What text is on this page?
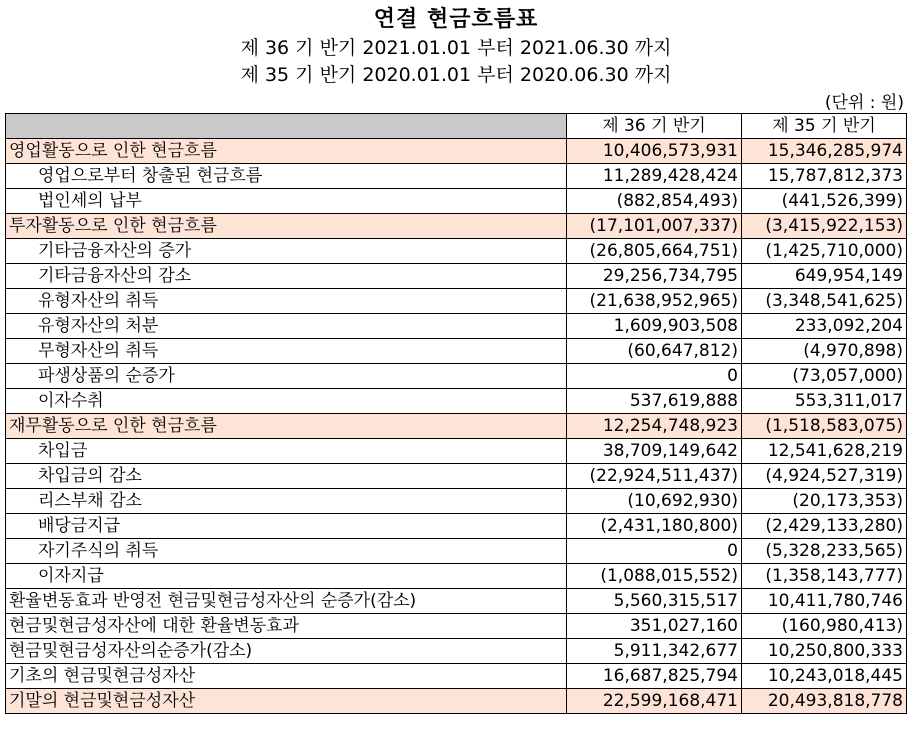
연결 현금흐름표
제 36 기 반기 2021.01.01 부터 2021.06.30 까지
제 35 기 반기 2020.01.01 부터 2020.06.30 까지
(단위 : 원)
	제 36 기 반기	제 35 기 반기
영업활동으로 인한 현금흐름	10,406,573,931	15,346,285,974
영업으로부터 창출된 현금흐름	11,289,428,424	15,787,812,373
법인세의 납부	(882,854,493)	(441,526,399)
투자활동으로 인한 현금흐름	(17,101,007,337)	(3,415,922,153)
기타금융자산의 증가	(26,805,664,751)	(1,425,710,000)
기타금융자산의 감소	29,256,734,795	649,954,149
유형자산의 취득	(21,638,952,965)	(3,348,541,625)
유형자산의 처분	1,609,903,508	233,092,204
무형자산의 취득	(60,647,812)	(4,970,898)
파생상품의 순증가	0	(73,057,000)
이자수취	537,619,888	553,311,017
재무활동으로 인한 현금흐름	12,254,748,923	(1,518,583,075)
차입금	38,709,149,642	12,541,628,219
차입금의 감소	(22,924,511,437)	(4,924,527,319)
리스부채 감소	(10,692,930)	(20,173,353)
배당금지급	(2,431,180,800)	(2,429,133,280)
자기주식의 취득	0	(5,328,233,565)
이자지급	(1,088,015,552)	(1,358,143,777)
환율변동효과 반영전 현금및현금성자산의 순증가(감소)	5,560,315,517	10,411,780,746
현금및현금성자산에 대한 환율변동효과	351,027,160	(160,980,413)
현금및현금성자산의순증가(감소)	5,911,342,677	10,250,800,333
기초의 현금및현금성자산	16,687,825,794	10,243,018,445
기말의 현금및현금성자산	22,599,168,471	20,493,818,778
